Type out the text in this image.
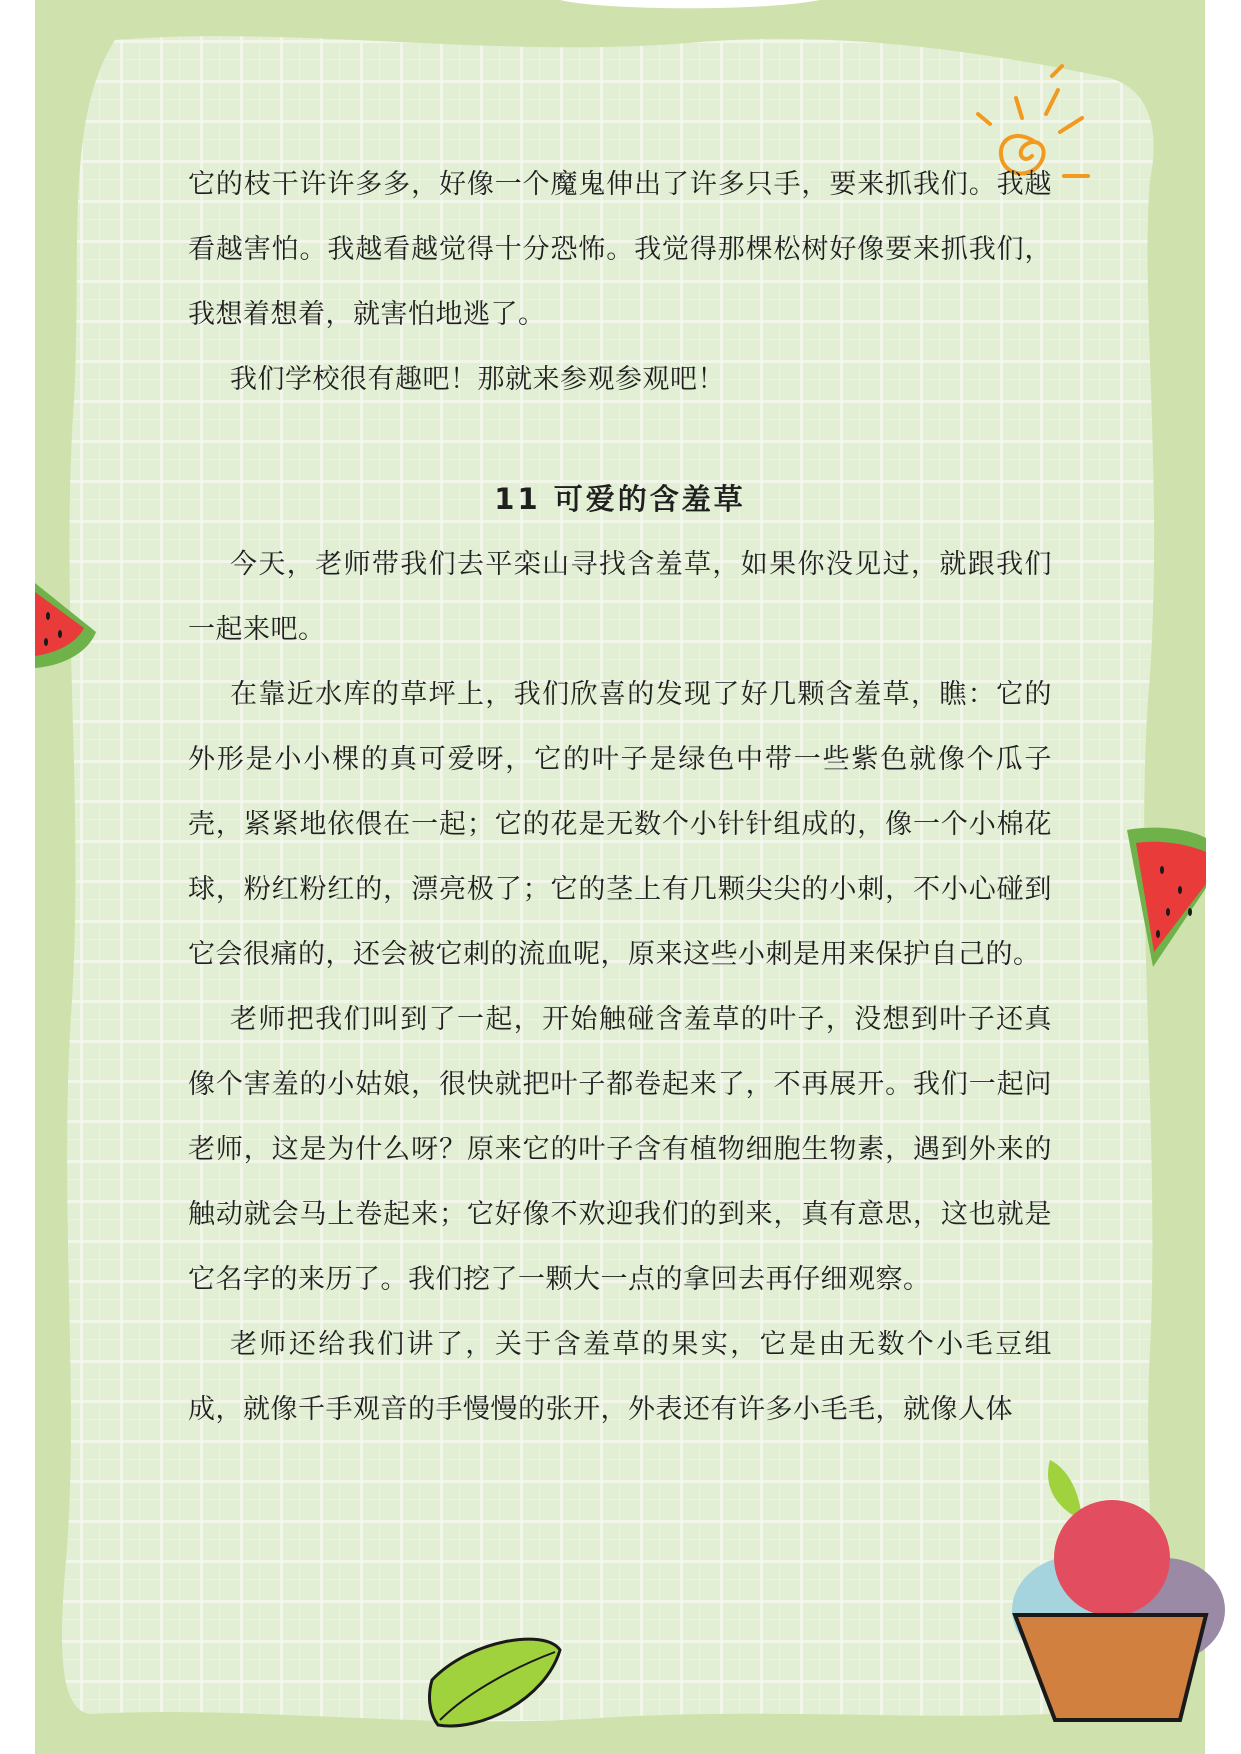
它的枝干许许多多，好像一个魔鬼伸出了许多只手，要来抓我们。我越看越害怕。我越看越觉得十分恐怖。我觉得那棵松树好像要来抓我们，我想着想着，就害怕地逃了。

我们学校很有趣吧！那就来参观参观吧！

11 可爱的含羞草

今天，老师带我们去平栾山寻找含羞草，如果你没见过，就跟我们一起来吧。

在靠近水库的草坪上，我们欣喜的发现了好几颗含羞草，瞧：它的外形是小小棵的真可爱呀，它的叶子是绿色中带一些紫色就像个瓜子壳，紧紧地依偎在一起；它的花是无数个小针针组成的，像一个小棉花球，粉红粉红的，漂亮极了；它的茎上有几颗尖尖的小刺，不小心碰到它会很痛的，还会被它刺的流血呢，原来这些小刺是用来保护自己的。

老师把我们叫到了一起，开始触碰含羞草的叶子，没想到叶子还真像个害羞的小姑娘，很快就把叶子都卷起来了，不再展开。我们一起问老师，这是为什么呀？原来它的叶子含有植物细胞生物素，遇到外来的触动就会马上卷起来；它好像不欢迎我们的到来，真有意思，这也就是它名字的来历了。我们挖了一颗大一点的拿回去再仔细观察。

老师还给我们讲了，关于含羞草的果实，它是由无数个小毛豆组成，就像千手观音的手慢慢的张开，外表还有许多小毛毛，就像人体
